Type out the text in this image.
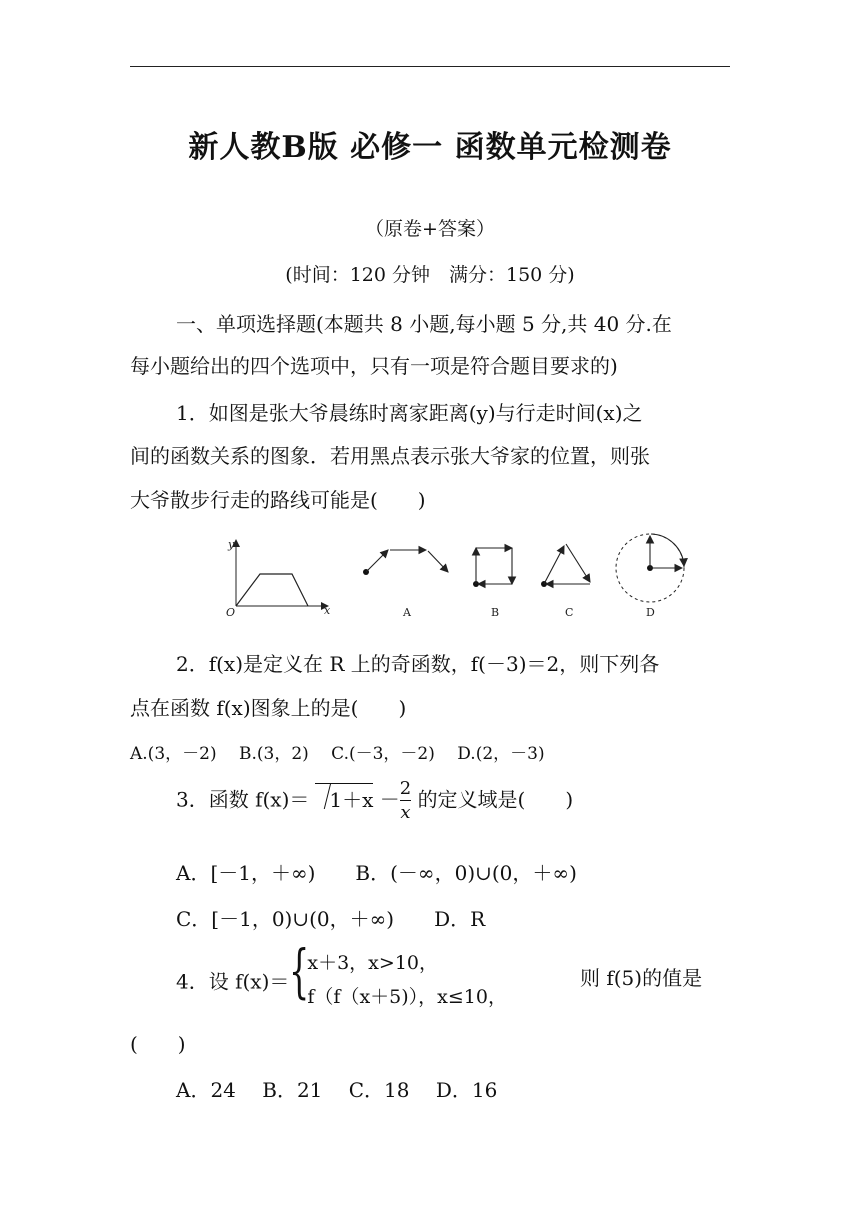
新人教B版 必修一 函数单元检测卷
（原卷+答案）
(时间：120 分钟　满分：150 分)
一、单项选择题(本题共 8 小题,每小题 5 分,共 40 分.在
每小题给出的四个选项中，只有一项是符合题目要求的)
1．如图是张大爷晨练时离家距离(y)与行走时间(x)之
间的函数关系的图象．若用黑点表示张大爷家的位置，则张
大爷散步行走的路线可能是(　　)
y
x
O	A	B	C	D
2．f(x)是定义在 R 上的奇函数，f(－3)＝2，则下列各
点在函数 f(x)图象上的是(　　)
A.(3，－2)　 B.(3，2)　 C.(－3，－2)　 D.(2，－3)
3．函数 $f(x)= 1+x - \frac{2}{x}$ 的定义域是(　　)
A．[－1，＋∞)　　B．(－∞，0)∪(0，＋∞)
C．[－1，0)∪(0，＋∞)　　D．R
4．设 f(x)＝ {
x＋3，x>10，
f（f（x＋5)），x≤10，
则 f(5)的值是
(　　)
A．24　 B．21　 C．18　 D．16
